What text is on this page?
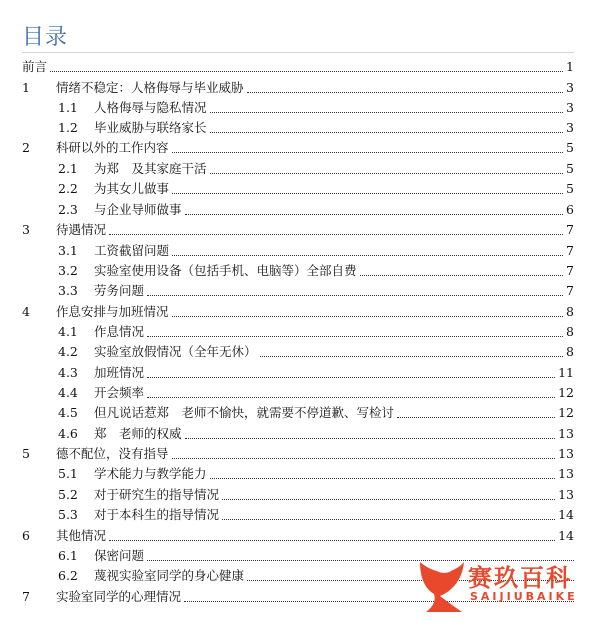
目录
前言	1
1 情绪不稳定：人格侮辱与毕业威胁	3
1.1 人格侮辱与隐私情况	3
1.2 毕业威胁与联络家长	3
2 科研以外的工作内容	5
2.1 为郑　及其家庭干活	5
2.2 为其女儿做事	5
2.3 与企业导师做事	6
3 待遇情况	7
3.1 工资截留问题	7
3.2 实验室使用设备（包括手机、电脑等）全部自费	7
3.3 劳务问题	7
4 作息安排与加班情况	8
4.1 作息情况	8
4.2 实验室放假情况（全年无休）	8
4.3 加班情况	11
4.4 开会频率	12
4.5 但凡说话惹郑　老师不愉快，就需要不停道歉、写检讨	12
4.6 郑　老师的权威	13
5 德不配位，没有指导	13
5.1 学术能力与教学能力	13
5.2 对于研究生的指导情况	13
5.3 对于本科生的指导情况	14
6 其他情况	14
6.1 保密问题
6.2 蔑视实验室同学的身心健康
7 实验室同学的心理情况
赛玖百科
SAIJIUBAIKE
